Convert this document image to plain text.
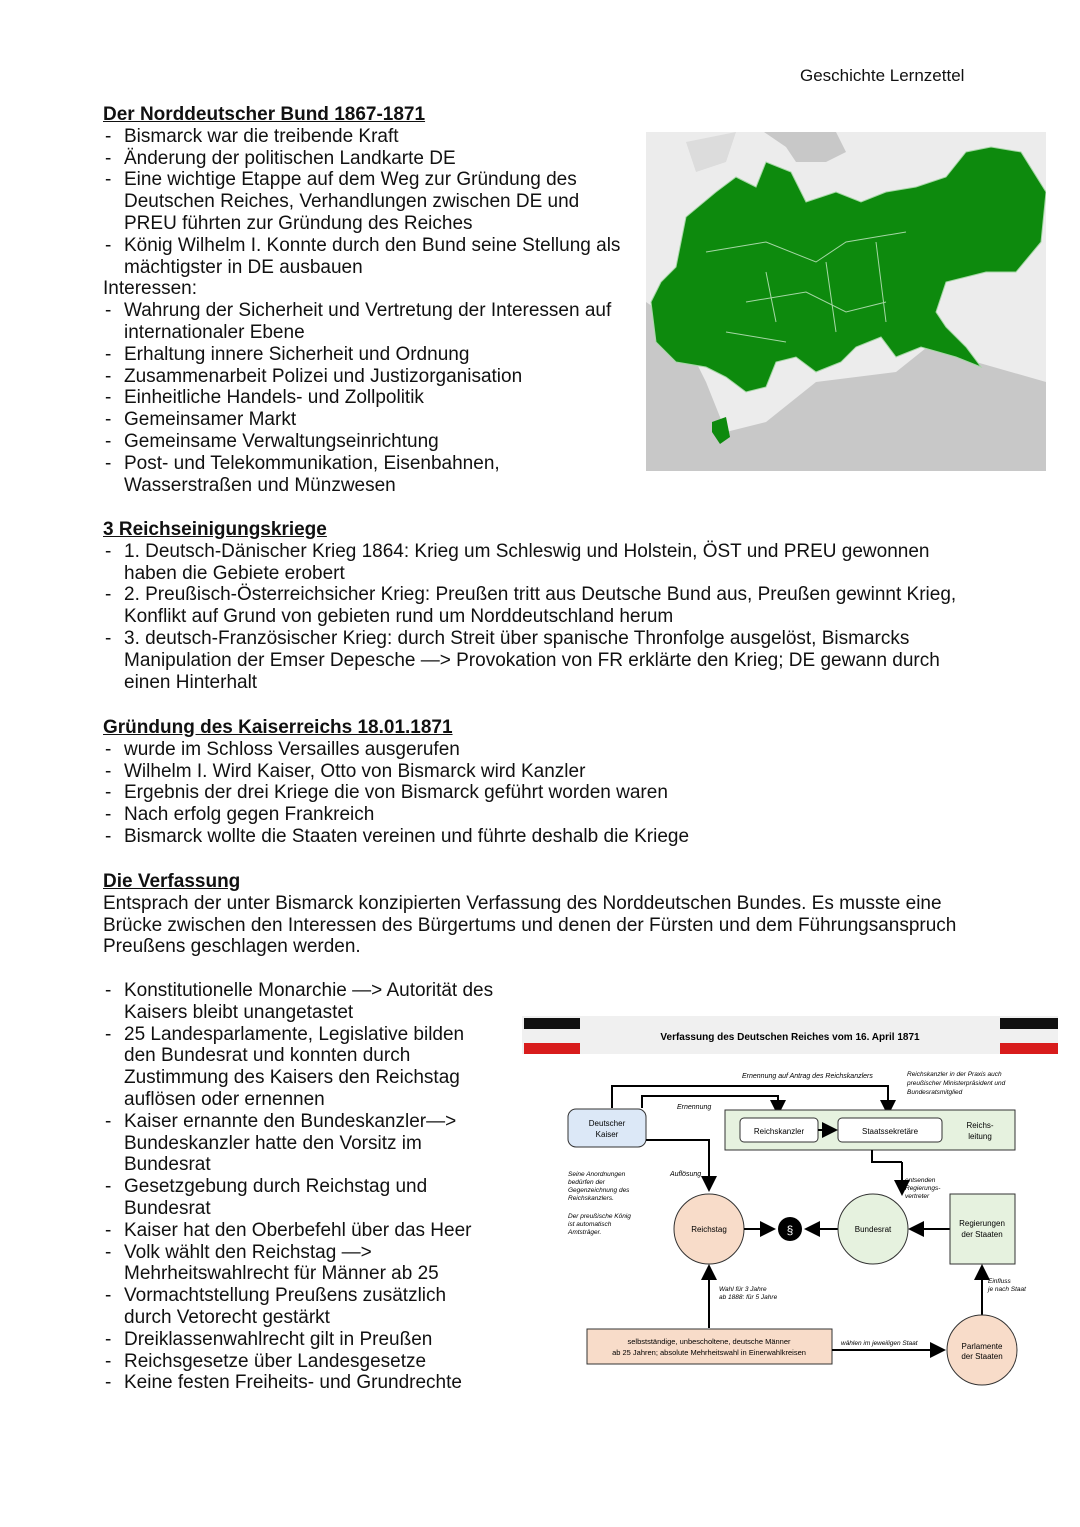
Geschichte Lernzettel
Der Norddeutscher Bund 1867-1871
- Bismarck war die treibende Kraft
- Änderung der politischen Landkarte DE
- Eine wichtige Etappe auf dem Weg zur Gründung des Deutschen Reiches, Verhandlungen zwischen DE und PREU führten zur Gründung des Reiches
- König Wilhelm I. Konnte durch den Bund seine Stellung als mächtigster in DE ausbauen

Interessen:

- Wahrung der Sicherheit und Vertretung der Interessen auf internationaler Ebene
- Erhaltung innere Sicherheit und Ordnung
- Zusammenarbeit Polizei und Justizorganisation
- Einheitliche Handels- und Zollpolitik
- Gemeinsamer Markt
- Gemeinsame Verwaltungseinrichtung
- Post- und Telekommunikation, Eisenbahnen, Wasserstraßen und Münzwesen
3 Reichseinigungskriege
- 1. Deutsch-Dänischer Krieg 1864: Krieg um Schleswig und Holstein, ÖST und PREU gewonnen haben die Gebiete erobert
- 2. Preußisch-Österreichsicher Krieg: Preußen tritt aus Deutsche Bund aus, Preußen gewinnt Krieg, Konflikt auf Grund von gebieten rund um Norddeutschland herum
- 3. deutsch-Französischer Krieg: durch Streit über spanische Thronfolge ausgelöst, Bismarcks Manipulation der Emser Depesche —> Provokation von FR erklärte den Krieg; DE gewann durch einen Hinterhalt
Gründung des Kaiserreichs 18.01.1871
- wurde im Schloss Versailles ausgerufen
- Wilhelm I. Wird Kaiser, Otto von Bismarck wird Kanzler
- Ergebnis der drei Kriege die von Bismarck geführt worden waren
- Nach erfolg gegen Frankreich
- Bismarck wollte die Staaten vereinen und führte deshalb die Kriege
Die Verfassung

Entsprach der unter Bismarck konzipierten Verfassung des Norddeutschen Bundes. Es musste eine Brücke zwischen den Interessen des Bürgertums und denen der Fürsten und dem Führungsanspruch Preußens geschlagen werden.

- Konstitutionelle Monarchie —> Autorität des Kaisers bleibt unangetastet
- 25 Landesparlamente, Legislative bilden den Bundesrat und konnten durch Zustimmung des Kaisers den Reichstag auflösen oder ernennen
- Kaiser ernannte den Bundeskanzler—> Bundeskanzler hatte den Vorsitz im Bundesrat
- Gesetzgebung durch Reichstag und Bundesrat
- Kaiser hat den Oberbefehl über das Heer
- Volk wählt den Reichstag —> Mehrheitswahlrecht für Männer ab 25
- Vormachtstellung Preußens zusätzlich durch Vetorecht gestärkt
- Dreiklassenwahlrecht gilt in Preußen
- Reichsgesetze über Landesgesetze
- Keine festen Freiheits- und Grundrechte
Verfassung des Deutschen Reiches vom 16. April 1871
Ernennung auf Antrag des Reichskanzlers	Reichskanzler in der Praxis auch
preußischer Ministerpräsident und
Bundesratsmitglied
Ernennung
Deutscher
Kaiser	Reichskanzler	Staatssekretäre
Reichs-
leitung
Seine Anordnungen
bedürfen der
Gegenzeichnung des
Reichskanzlers.
Der preußische König
ist automatisch
Amtsträger.
Auflösung
Reichstag	§	Bundesrat
entsenden
Regierungs-
vertreter
Regierungen
der Staaten
Einfluss
je nach Staat
Wahl für 3 Jahre
ab 1888: für 5 Jahre
selbstständige, unbescholtene, deutsche Männer
ab 25 Jahren; absolute Mehrheitswahl in Einerwahlkreisen
wählen im jeweiligen Staat	Parlamente
der Staaten
